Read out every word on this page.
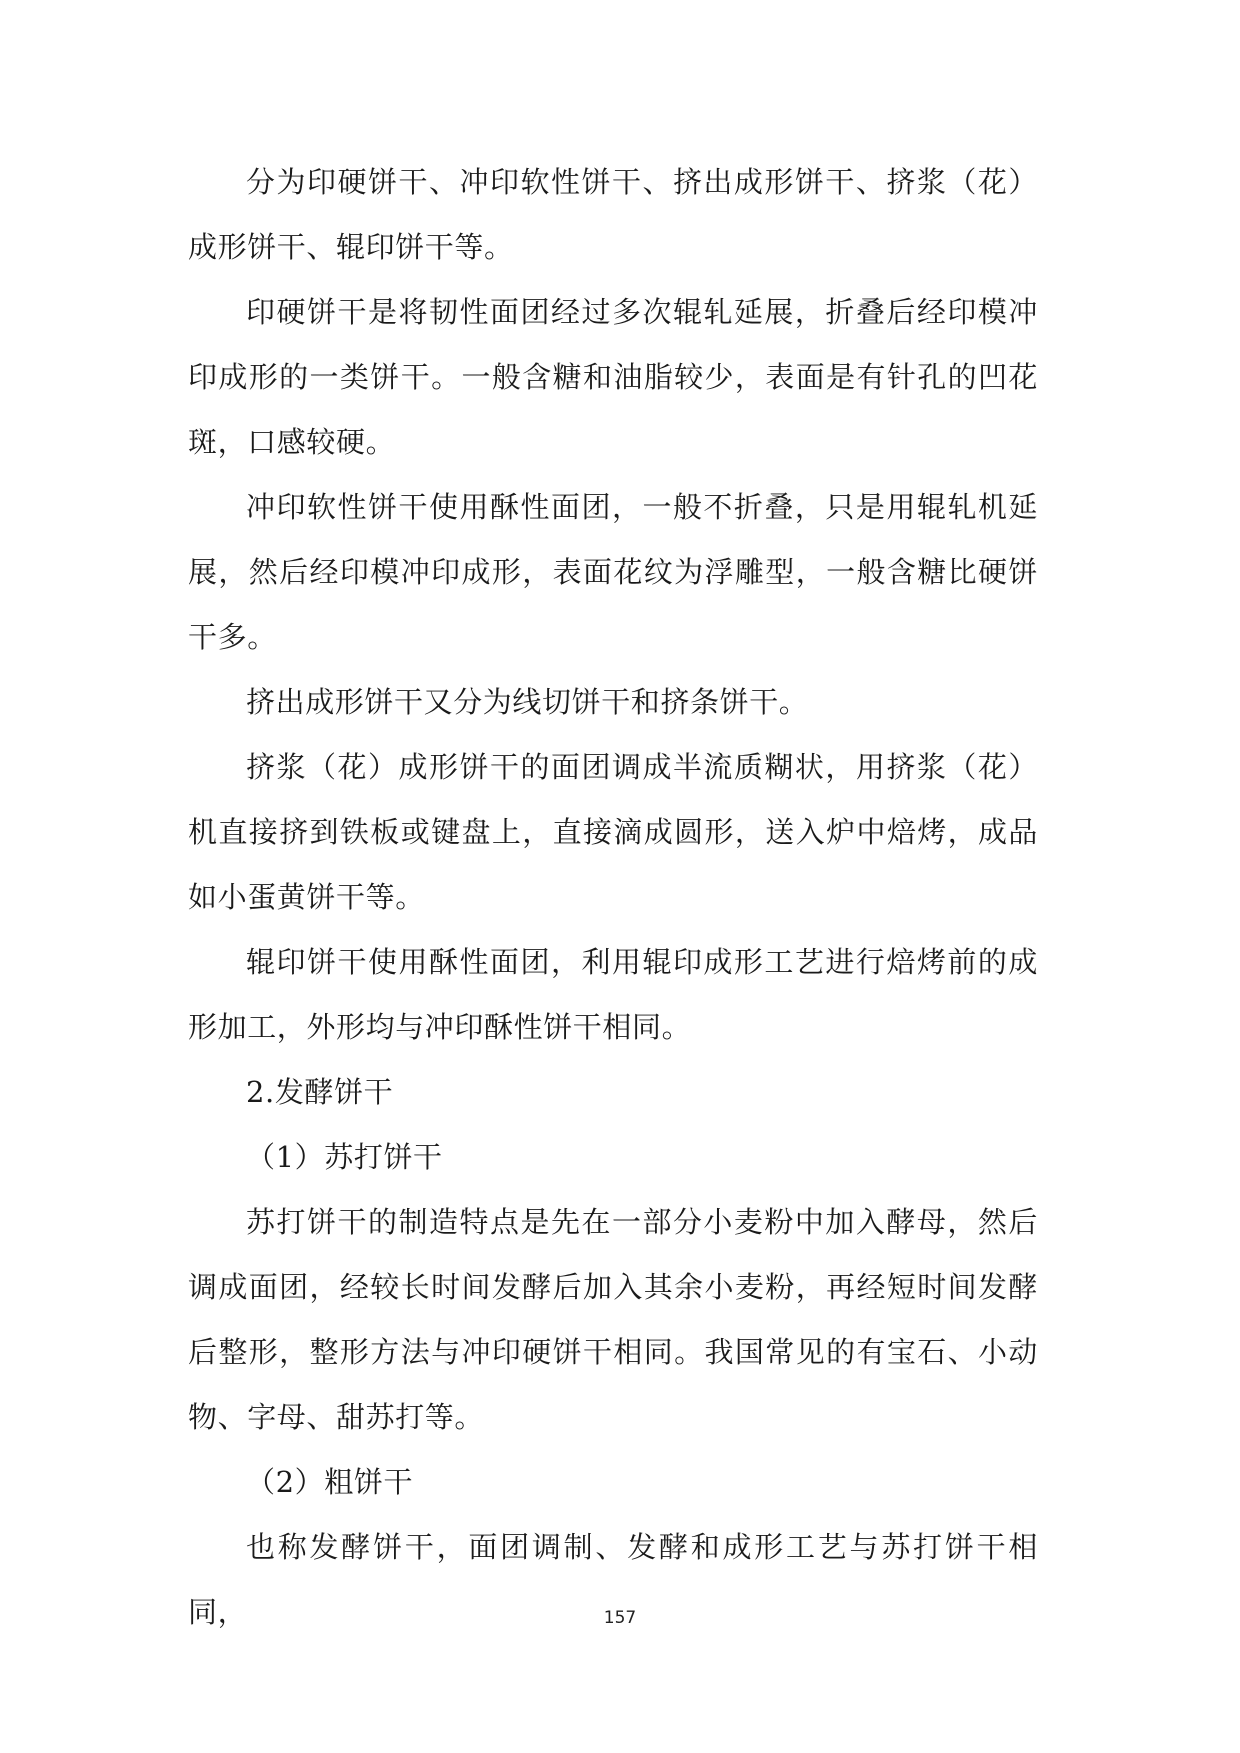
分为印硬饼干、冲印软性饼干、挤出成形饼干、挤浆（花）成形饼干、辊印饼干等。

印硬饼干是将韧性面团经过多次辊轧延展，折叠后经印模冲印成形的一类饼干。一般含糖和油脂较少，表面是有针孔的凹花斑，口感较硬。

冲印软性饼干使用酥性面团，一般不折叠，只是用辊轧机延展，然后经印模冲印成形，表面花纹为浮雕型，一般含糖比硬饼干多。

挤出成形饼干又分为线切饼干和挤条饼干。

挤浆（花）成形饼干的面团调成半流质糊状，用挤浆（花）机直接挤到铁板或键盘上，直接滴成圆形，送入炉中焙烤，成品如小蛋黄饼干等。

辊印饼干使用酥性面团，利用辊印成形工艺进行焙烤前的成形加工，外形均与冲印酥性饼干相同。

2.发酵饼干

（1）苏打饼干

苏打饼干的制造特点是先在一部分小麦粉中加入酵母，然后调成面团，经较长时间发酵后加入其余小麦粉，再经短时间发酵后整形，整形方法与冲印硬饼干相同。我国常见的有宝石、小动物、字母、甜苏打等。

（2）粗饼干

也称发酵饼干，面团调制、发酵和成形工艺与苏打饼干相同，	157
